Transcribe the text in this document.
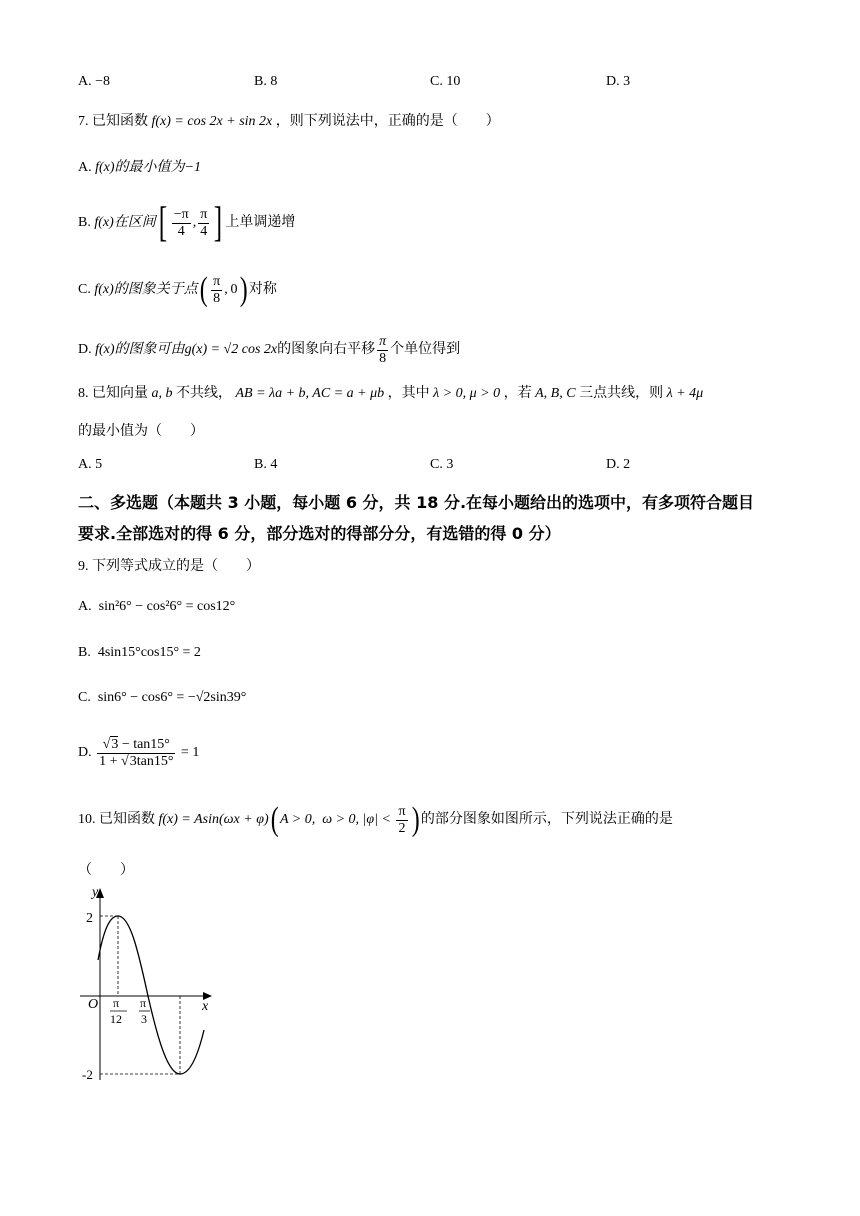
A. −8	B. 8	C. 10	D. 3
7. 已知函数 f(x) = cos 2x + sin 2x ，则下列说法中，正确的是（　　）
A. f(x)的最小值为−1
B.
f(x)在区间 [ $\frac{-\pi}{4}$ , $\frac{\pi}{4}$ ] 上单调递增
C.
f(x)的图象关于点 ( $\frac{\pi}{8}$ , 0) 对称
D.
f(x)的图象可由 g(x) = √2 cos 2x 的图象向右平移 $\frac{\pi}{8}$ 个单位得到
8. 已知向量 a, b 不共线， AB = λa + b, AC = a + μb ，其中 λ > 0, μ > 0 ，若 A, B, C 三点共线，则 λ + 4μ
的最小值为（　　）
A. 5	B. 4	C. 3	D. 2
二、多选题（本题共 3 小题，每小题 6 分，共 18 分.在每小题给出的选项中，有多项符合题目
要求.全部选对的得 6 分，部分选对的得部分分，有选错的得 0 分）
9. 下列等式成立的是（　　）
A. sin²6° − cos²6° = cos12°
B. 4sin15°cos15° = 2
C. sin6° − cos6° = −√2sin39°
D.
$\frac{√3 - \tan 15^\circ}{1 + √3\tan 15^\circ} = 1$
10. 已知函数
f(x) = Asin(ωx + φ) ( A > 0,  ω > 0, $|\varphi| < \frac{\pi}{2}$ ) 的部分图象如图所示，下列说法正确的是
（　　）
y
x
O
2
-2
π
12
π
3
